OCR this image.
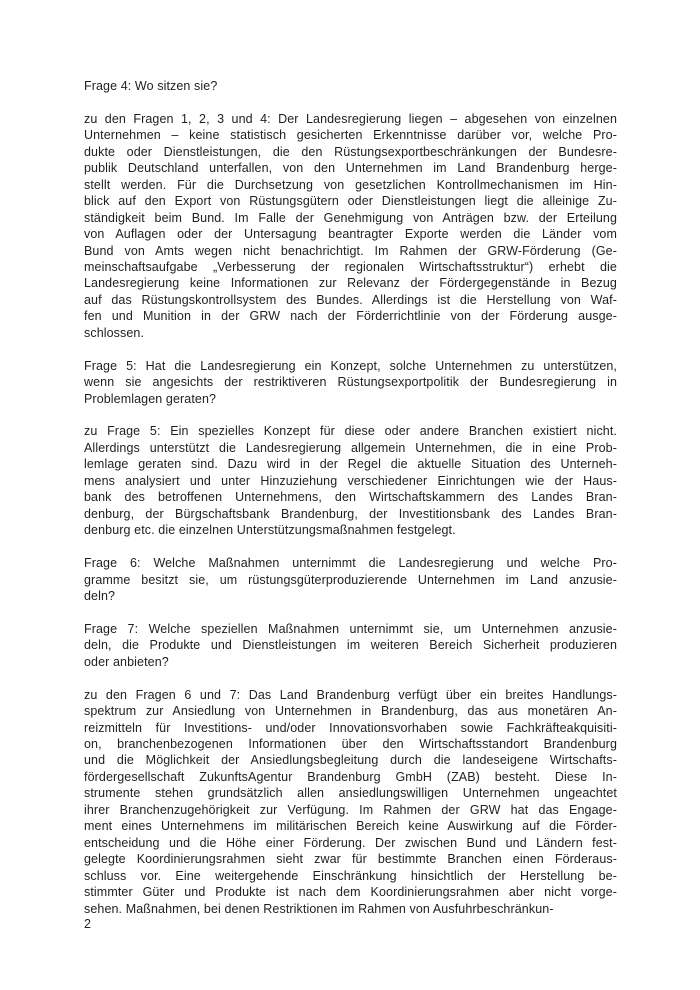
Frage 4: Wo sitzen sie?
zu den Fragen 1, 2, 3 und 4: Der Landesregierung liegen – abgesehen von einzelnen
Unternehmen – keine statistisch gesicherten Erkenntnisse darüber vor, welche Pro-
dukte oder Dienstleistungen, die den Rüstungsexportbeschränkungen der Bundesre-
publik Deutschland unterfallen, von den Unternehmen im Land Brandenburg herge-
stellt werden. Für die Durchsetzung von gesetzlichen Kontrollmechanismen im Hin-
blick auf den Export von Rüstungsgütern oder Dienstleistungen liegt die alleinige Zu-
ständigkeit beim Bund. Im Falle der Genehmigung von Anträgen bzw. der Erteilung
von Auflagen oder der Untersagung beantragter Exporte werden die Länder vom
Bund von Amts wegen nicht benachrichtigt. Im Rahmen der GRW-Förderung (Ge-
meinschaftsaufgabe „Verbesserung der regionalen Wirtschaftsstruktur“) erhebt die
Landesregierung keine Informationen zur Relevanz der Fördergegenstände in Bezug
auf das Rüstungskontrollsystem des Bundes. Allerdings ist die Herstellung von Waf-
fen und Munition in der GRW nach der Förderrichtlinie von der Förderung ausge-
schlossen.
Frage 5: Hat die Landesregierung ein Konzept, solche Unternehmen zu unterstützen,
wenn sie angesichts der restriktiveren Rüstungsexportpolitik der Bundesregierung in
Problemlagen geraten?
zu Frage 5: Ein spezielles Konzept für diese oder andere Branchen existiert nicht.
Allerdings unterstützt die Landesregierung allgemein Unternehmen, die in eine Prob-
lemlage geraten sind. Dazu wird in der Regel die aktuelle Situation des Unterneh-
mens analysiert und unter Hinzuziehung verschiedener Einrichtungen wie der Haus-
bank des betroffenen Unternehmens, den Wirtschaftskammern des Landes Bran-
denburg, der Bürgschaftsbank Brandenburg, der Investitionsbank des Landes Bran-
denburg etc. die einzelnen Unterstützungsmaßnahmen festgelegt.
Frage 6: Welche Maßnahmen unternimmt die Landesregierung und welche Pro-
gramme besitzt sie, um rüstungsgüterproduzierende Unternehmen im Land anzusie-
deln?
Frage 7: Welche speziellen Maßnahmen unternimmt sie, um Unternehmen anzusie-
deln, die Produkte und Dienstleistungen im weiteren Bereich Sicherheit produzieren
oder anbieten?
zu den Fragen 6 und 7: Das Land Brandenburg verfügt über ein breites Handlungs-
spektrum zur Ansiedlung von Unternehmen in Brandenburg, das aus monetären An-
reizmitteln für Investitions- und/oder Innovationsvorhaben sowie Fachkräfteakquisiti-
on, branchenbezogenen Informationen über den Wirtschaftsstandort Brandenburg
und die Möglichkeit der Ansiedlungsbegleitung durch die landeseigene Wirtschafts-
fördergesellschaft ZukunftsAgentur Brandenburg GmbH (ZAB) besteht. Diese In-
strumente stehen grundsätzlich allen ansiedlungswilligen Unternehmen ungeachtet
ihrer Branchenzugehörigkeit zur Verfügung. Im Rahmen der GRW hat das Engage-
ment eines Unternehmens im militärischen Bereich keine Auswirkung auf die Förder-
entscheidung und die Höhe einer Förderung. Der zwischen Bund und Ländern fest-
gelegte Koordinierungsrahmen sieht zwar für bestimmte Branchen einen Förderaus-
schluss vor. Eine weitergehende Einschränkung hinsichtlich der Herstellung be-
stimmter Güter und Produkte ist nach dem Koordinierungsrahmen aber nicht vorge-
sehen. Maßnahmen, bei denen Restriktionen im Rahmen von Ausfuhrbeschränkun-
2
